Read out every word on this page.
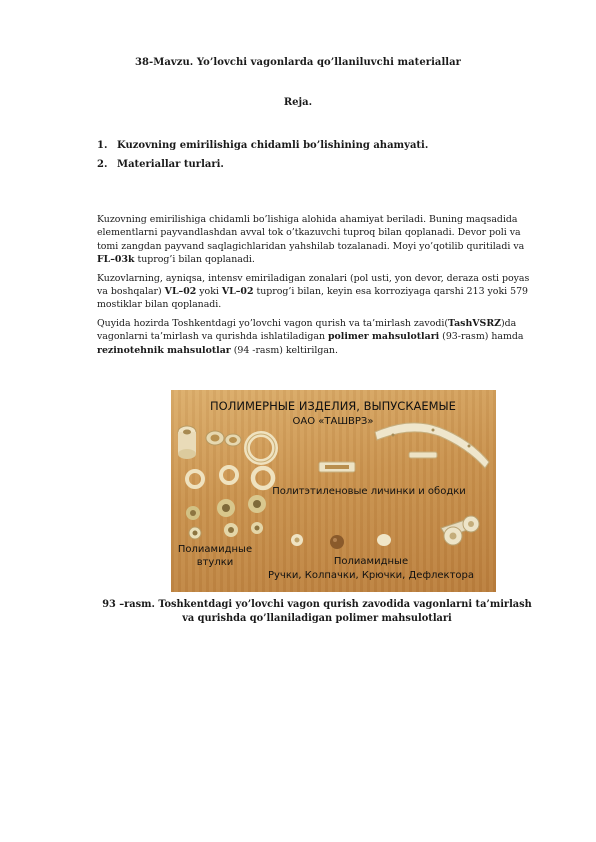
38-Mavzu. Yo’lovchi vagonlarda qo’llaniluvchi materiallar
Reja.
1. Kuzovning emirilishiga chidamli bo’lishining ahamyati.
2. Materiallar turlari.

Kuzovning emirilishiga chidamli bo’lishiga alohida ahamiyat beriladi. Buning maqsadida elementlarni payvandlashdan avval tok o’tkazuvchi tuproq bilan qoplanadi. Devor poli va tomi zangdan payvand saqlagichlaridan yahshilab tozalanadi. Moyi yo’qotilib quritiladi va FL–03k tuprog’i bilan qoplanadi.

Kuzovlarning, ayniqsa, intensv emiriladigan zonalari (pol usti, yon devor, deraza osti poyas va boshqalar) VL–02 yoki VL–02 tuprog’i bilan, keyin esa korroziyaga qarshi 213 yoki 579 mostiklar bilan qoplanadi.

Quyida hozirda Toshkentdagi yo’lovchi vagon qurish va ta’mirlash zavodi(TashVSRZ)da vagonlarni ta’mirlash va qurishda ishlatiladigan polimer mahsulotlari (93-rasm) hamda rezinotehnik mahsulotlar (94 -rasm) keltirilgan.

ПОЛИМЕРНЫЕ ИЗДЕЛИЯ, ВЫПУСКАЕМЫЕ
ОАО «ТАШВРЗ»
Политэтиленовые личинки и ободки
Полиамидные
втулки	Полиамидные
Ручки, Колпачки, Крючки, Дефлектора
93 –rasm. Toshkentdagi yo’lovchi vagon qurish zavodida vagonlarni ta’mirlash va qurishda qo’llaniladigan polimer mahsulotlari
